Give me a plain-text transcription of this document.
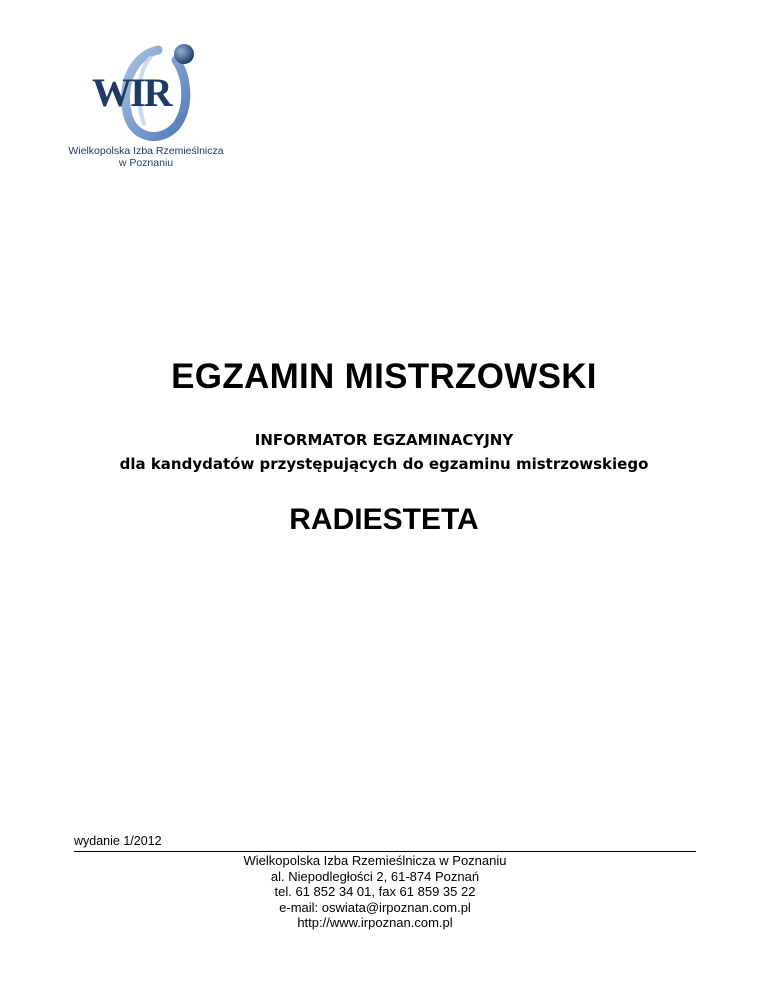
WIR
Wielkopolska Izba Rzemieślnicza
w Poznaniu
EGZAMIN MISTRZOWSKI
INFORMATOR EGZAMINACYJNY
dla kandydatów przystępujących do egzaminu mistrzowskiego
RADIESTETA
wydanie 1/2012
Wielkopolska Izba Rzemieślnicza w Poznaniu
al. Niepodległości 2, 61-874 Poznań
tel. 61 852 34 01, fax 61 859 35 22
e-mail: oswiata@irpoznan.com.pl
http://www.irpoznan.com.pl
